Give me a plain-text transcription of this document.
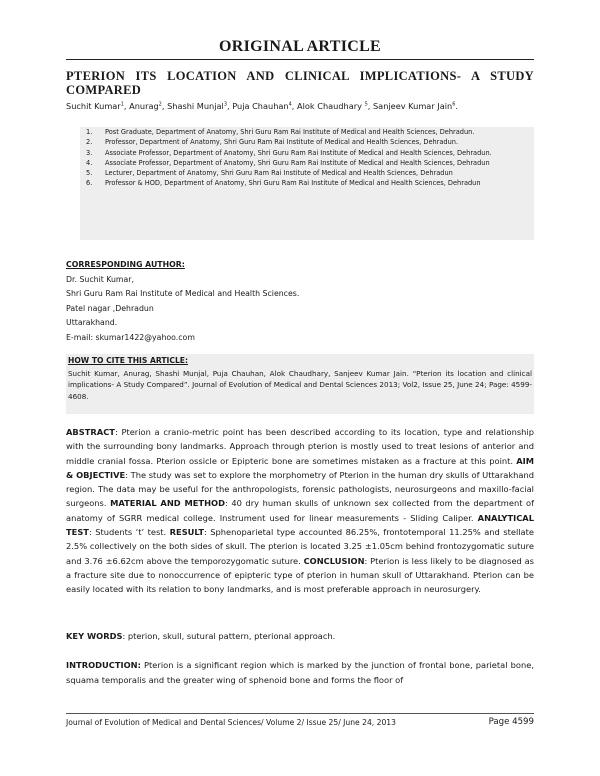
ORIGINAL ARTICLE
PTERION ITS LOCATION AND CLINICAL IMPLICATIONS- A STUDY COMPARED
Suchit Kumar$^1$, Anurag$^2$, Shashi Munjal$^3$, Puja Chauhan$^4$, Alok Chaudhary $^5$, Sanjeev Kumar Jain$^6$.
1.	Post Graduate, Department of Anatomy, Shri Guru Ram Rai Institute of Medical and Health Sciences, Dehradun.
2.	Professor, Department of Anatomy, Shri Guru Ram Rai Institute of Medical and Health Sciences, Dehradun.
3.	Associate Professor, Department of Anatomy, Shri Guru Ram Rai Institute of Medical and Health Sciences, Dehradun.
4.	Associate Professor, Department of Anatomy, Shri Guru Ram Rai Institute of Medical and Health Sciences, Dehradun
5.	Lecturer, Department of Anatomy, Shri Guru Ram Rai Institute of Medical and Health Sciences, Dehradun
6.	Professor & HOD, Department of Anatomy, Shri Guru Ram Rai Institute of Medical and Health Sciences, Dehradun
CORRESPONDING AUTHOR:
Dr. Suchit Kumar,
Shri Guru Ram Rai Institute of Medical and Health Sciences.
Patel nagar ,Dehradun
Uttarakhand.
E-mail: skumar1422@yahoo.com
HOW TO CITE THIS ARTICLE:
Suchit Kumar, Anurag, Shashi Munjal, Puja Chauhan, Alok Chaudhary, Sanjeev Kumar Jain. “Pterion its location and clinical implications- A Study Compared”. Journal of Evolution of Medical and Dental Sciences 2013; Vol2, Issue 25, June 24; Page: 4599-4608.
ABSTRACT: Pterion a cranio-metric point has been described according to its location, type and relationship with the surrounding bony landmarks. Approach through pterion is mostly used to treat lesions of anterior and middle cranial fossa. Pterion ossicle or Epipteric bone are sometimes mistaken as a fracture at this point. AIM & OBJECTIVE: The study was set to explore the morphometry of Pterion in the human dry skulls of Uttarakhand region. The data may be useful for the anthropologists, forensic pathologists, neurosurgeons and maxillo-facial surgeons. MATERIAL AND METHOD: 40 dry human skulls of unknown sex collected from the department of anatomy of SGRR medical college. Instrument used for linear measurements - Sliding Caliper. ANALYTICAL TEST: Students ‘t’ test. RESULT: Sphenoparietal type accounted 86.25%, frontotemporal 11.25% and stellate 2.5% collectively on the both sides of skull. The pterion is located 3.25 ±1.05cm behind frontozygomatic suture and 3.76 ±6.62cm above the temporozygomatic suture. CONCLUSION: Pterion is less likely to be diagnosed as a fracture site due to nonoccurrence of epipteric type of pterion in human skull of Uttarakhand. Pterion can be easily located with its relation to bony landmarks, and is most preferable approach in neurosurgery.
KEY WORDS: pterion, skull, sutural pattern, pterional approach.
INTRODUCTION: Pterion is a significant region which is marked by the junction of frontal bone, parietal bone, squama temporalis and the greater wing of sphenoid bone and forms the floor of
Journal of Evolution of Medical and Dental Sciences/ Volume 2/ Issue 25/ June 24, 2013	Page 4599
